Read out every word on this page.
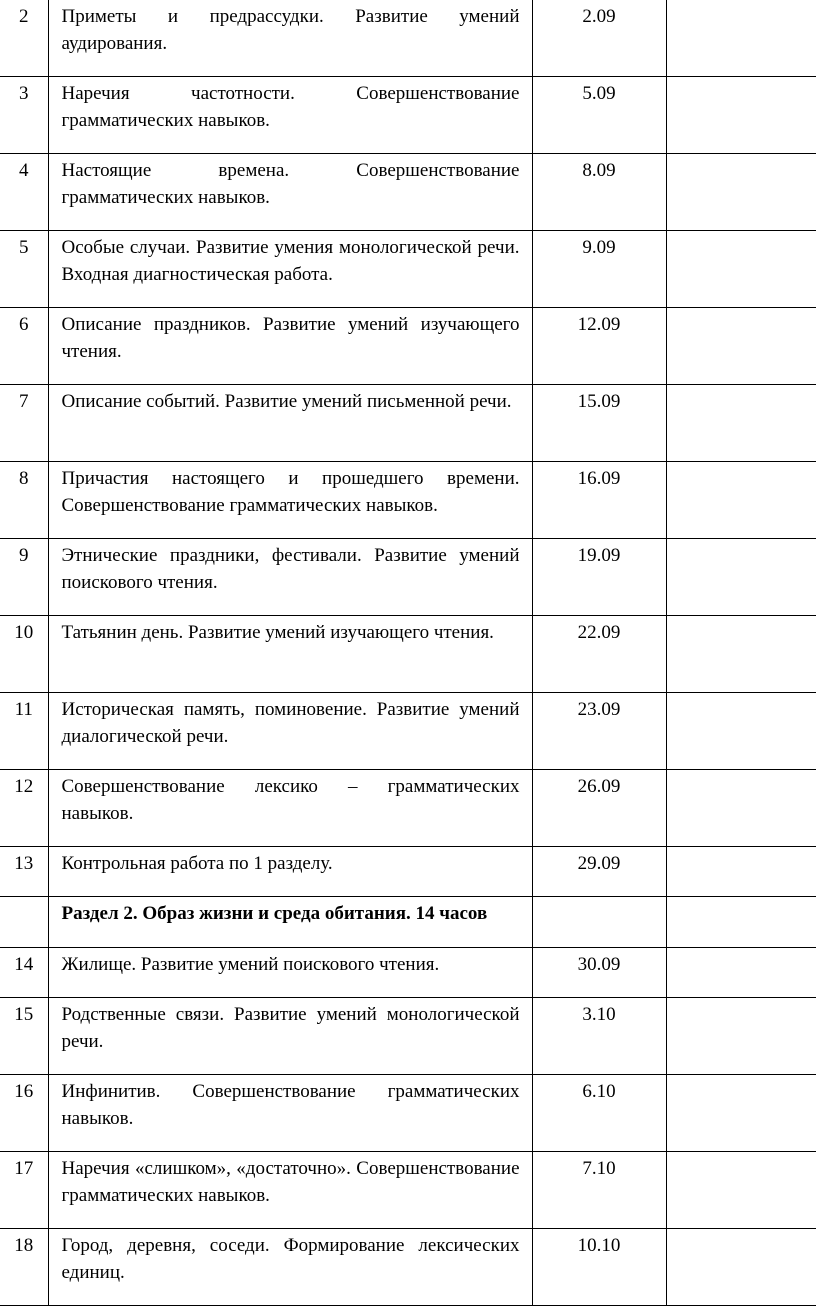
2	Приметы и предрассудки. Развитие умений аудирования.	2.09	
3	Наречия частотности. Совершенствование грамматических навыков.	5.09	
4	Настоящие времена. Совершенствование грамматических навыков.	8.09	
5	Особые случаи. Развитие умения монологической речи. Входная диагностическая работа.	9.09	
6	Описание праздников. Развитие умений изучающего чтения.	12.09	
7	Описание событий. Развитие умений письменной речи.	15.09	
8	Причастия настоящего и прошедшего времени. Совершенствование грамматических навыков.	16.09	
9	Этнические праздники, фестивали. Развитие умений поискового чтения.	19.09	
10	Татьянин день. Развитие умений изучающего чтения.	22.09	
11	Историческая память, поминовение. Развитие умений диалогической речи.	23.09	
12	Совершенствование лексико – грамматических навыков.	26.09	
13	Контрольная работа по 1 разделу.	29.09	
	Раздел 2. Образ жизни и среда обитания. 14 часов		
14	Жилище. Развитие умений поискового чтения.	30.09	
15	Родственные связи. Развитие умений монологической речи.	3.10	
16	Инфинитив. Совершенствование грамматических навыков.	6.10	
17	Наречия «слишком», «достаточно». Совершенствование грамматических навыков.	7.10	
18	Город, деревня, соседи. Формирование лексических единиц.	10.10	
